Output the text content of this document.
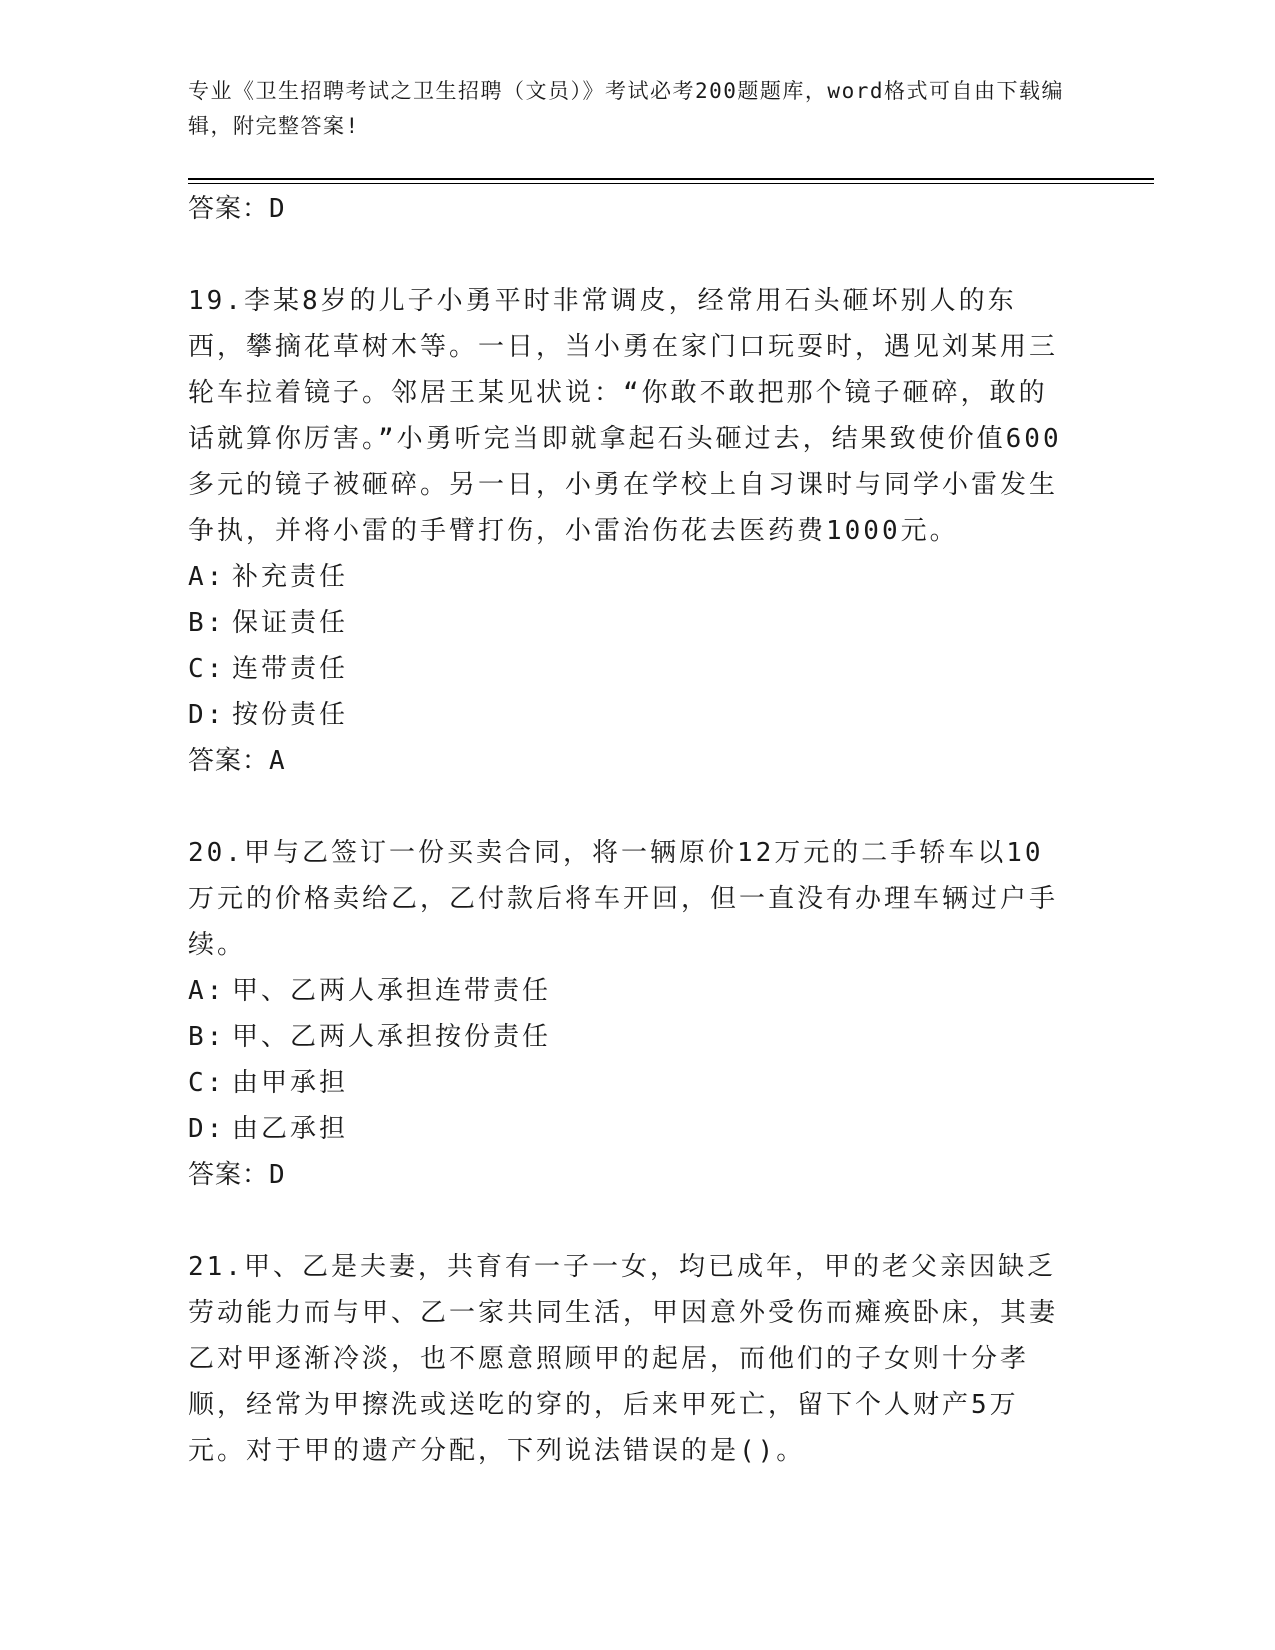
专业《卫生招聘考试之卫生招聘（文员）》考试必考200题题库，word格式可自由下载编辑，附完整答案!
答案：D

19.李某8岁的儿子小勇平时非常调皮，经常用石头砸坏别人的东西，攀摘花草树木等。一日，当小勇在家门口玩耍时，遇见刘某用三轮车拉着镜子。邻居王某见状说：“你敢不敢把那个镜子砸碎，敢的话就算你厉害。”小勇听完当即就拿起石头砸过去，结果致使价值600多元的镜子被砸碎。另一日，小勇在学校上自习课时与同学小雷发生争执，并将小雷的手臂打伤，小雷治伤花去医药费1000元。

A: 补充责任
B: 保证责任
C: 连带责任
D: 按份责任
答案：A

20.甲与乙签订一份买卖合同，将一辆原价12万元的二手轿车以10万元的价格卖给乙，乙付款后将车开回，但一直没有办理车辆过户手续。

A: 甲、乙两人承担连带责任
B: 甲、乙两人承担按份责任
C: 由甲承担
D: 由乙承担
答案：D

21.甲、乙是夫妻，共育有一子一女，均已成年，甲的老父亲因缺乏劳动能力而与甲、乙一家共同生活，甲因意外受伤而瘫痪卧床，其妻乙对甲逐渐冷淡，也不愿意照顾甲的起居，而他们的子女则十分孝顺，经常为甲擦洗或送吃的穿的，后来甲死亡，留下个人财产5万元。对于甲的遗产分配，下列说法错误的是()。
